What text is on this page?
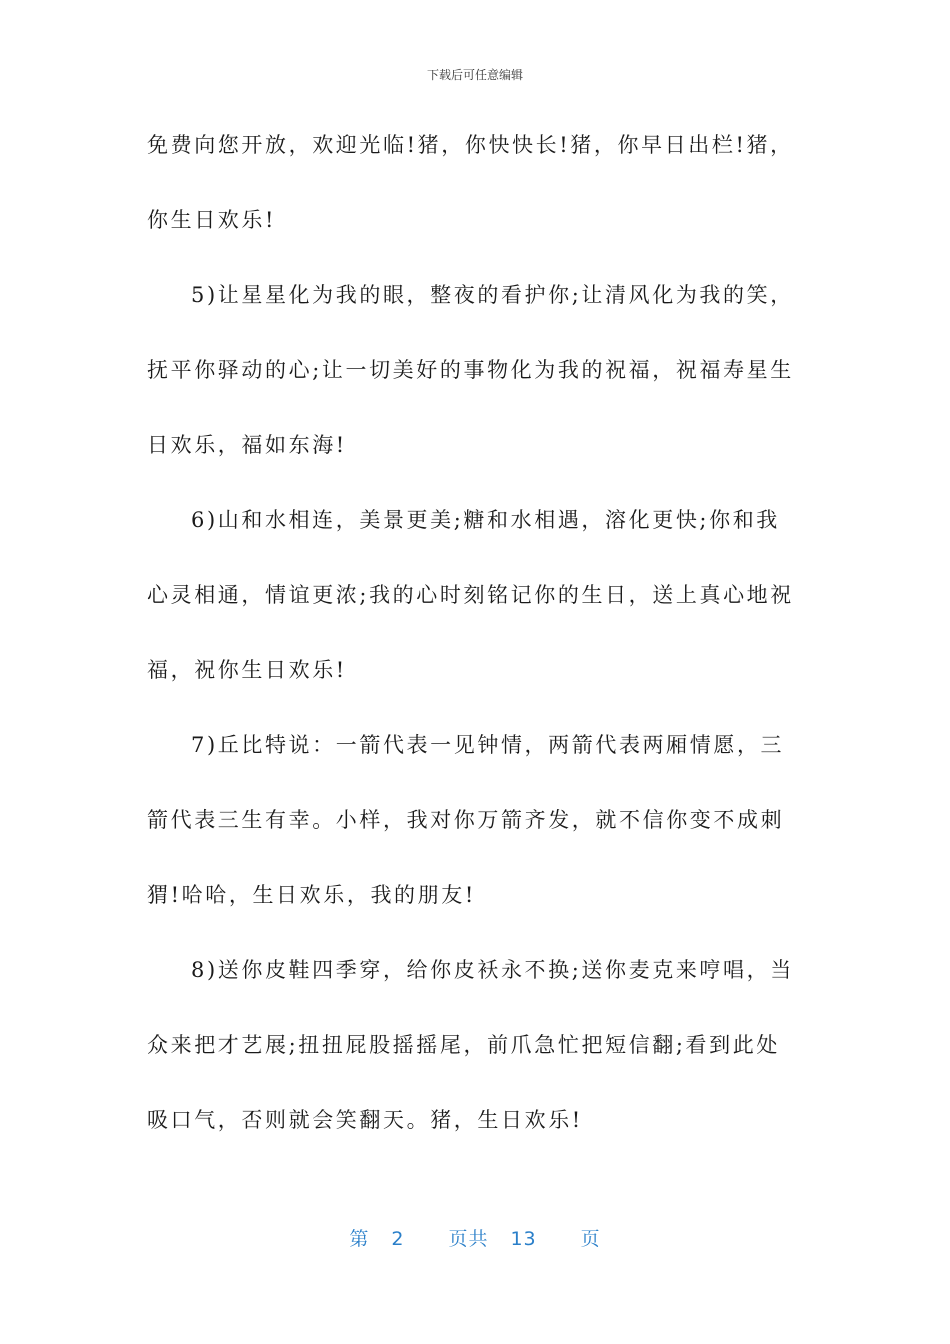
下载后可任意编辑
免费向您开放，欢迎光临!猪，你快快长!猪，你早日出栏!猪，
你生日欢乐!
5)让星星化为我的眼，整夜的看护你;让清风化为我的笑，
抚平你驿动的心;让一切美好的事物化为我的祝福，祝福寿星生
日欢乐，福如东海!
6)山和水相连，美景更美;糖和水相遇，溶化更快;你和我
心灵相通，情谊更浓;我的心时刻铭记你的生日，送上真心地祝
福，祝你生日欢乐!
7)丘比特说：一箭代表一见钟情，两箭代表两厢情愿，三
箭代表三生有幸。小样，我对你万箭齐发，就不信你变不成刺
猬!哈哈，生日欢乐，我的朋友!
8)送你皮鞋四季穿，给你皮袄永不换;送你麦克来哼唱，当
众来把才艺展;扭扭屁股摇摇尾，前爪急忙把短信翻;看到此处
吸口气，否则就会笑翻天。猪，生日欢乐!
第 2 页共 13 页
